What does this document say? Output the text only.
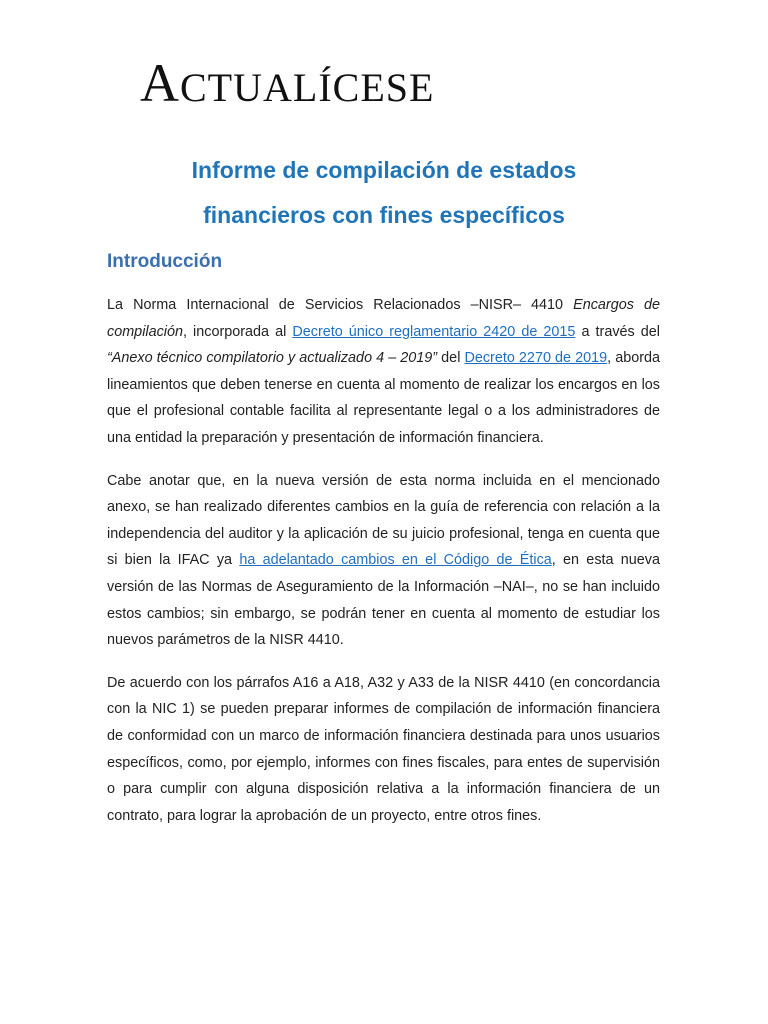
ACTUALÍCESE
Informe de compilación de estados
financieros con fines específicos
Introducción

La Norma Internacional de Servicios Relacionados –NISR– 4410 Encargos de compilación, incorporada al Decreto único reglamentario 2420 de 2015 a través del “Anexo técnico compilatorio y actualizado 4 – 2019” del Decreto 2270 de 2019, aborda lineamientos que deben tenerse en cuenta al momento de realizar los encargos en los que el profesional contable facilita al representante legal o a los administradores de una entidad la preparación y presentación de información financiera.

Cabe anotar que, en la nueva versión de esta norma incluida en el mencionado anexo, se han realizado diferentes cambios en la guía de referencia con relación a la independencia del auditor y la aplicación de su juicio profesional, tenga en cuenta que si bien la IFAC ya ha adelantado cambios en el Código de Ética, en esta nueva versión de las Normas de Aseguramiento de la Información –NAI–, no se han incluido estos cambios; sin embargo, se podrán tener en cuenta al momento de estudiar los nuevos parámetros de la NISR 4410.

De acuerdo con los párrafos A16 a A18, A32 y A33 de la NISR 4410 (en concordancia con la NIC 1) se pueden preparar informes de compilación de información financiera de conformidad con un marco de información financiera destinada para unos usuarios específicos, como, por ejemplo, informes con fines fiscales, para entes de supervisión o para cumplir con alguna disposición relativa a la información financiera de un contrato, para lograr la aprobación de un proyecto, entre otros fines.
